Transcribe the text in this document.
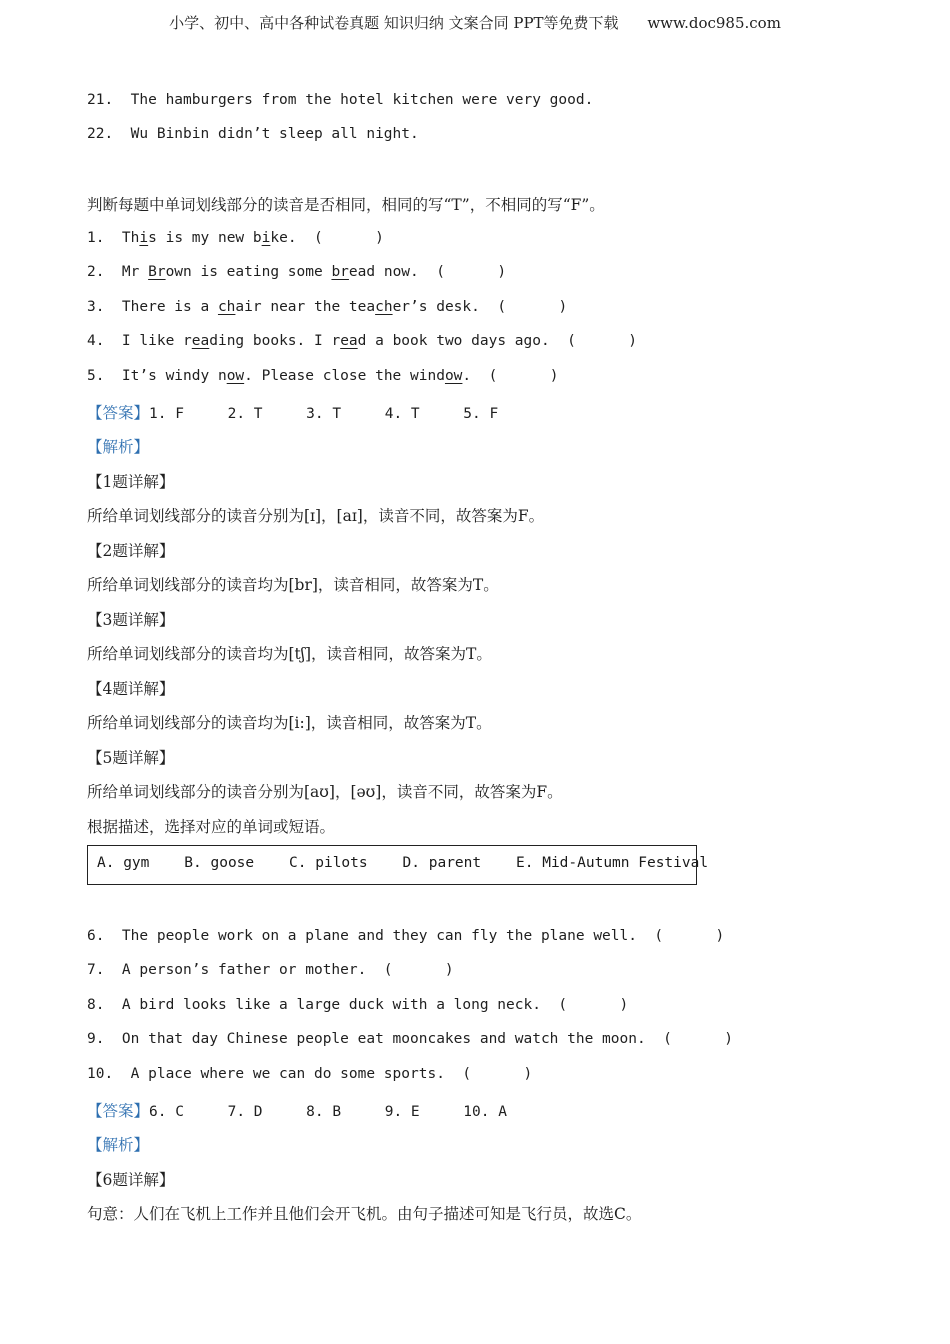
小学、初中、高中各种试卷真题 知识归纳 文案合同 PPT等免费下载 www.doc985.com
21.  The hamburgers from the hotel kitchen were very good.
22.  Wu Binbin didn’t sleep all night.
判断每题中单词划线部分的读音是否相同，相同的写“T”，不相同的写“F”。
1.  This is my new bike.  (      )
2.  Mr Brown is eating some bread now.  (      )
3.  There is a chair near the teacher’s desk.  (      )
4.  I like reading books. I read a book two days ago.  (      )
5.  It’s windy now. Please close the window.  (      )
【答案】1. F     2. T     3. T     4. T     5. F
【解析】
【1题详解】
所给单词划线部分的读音分别为[ɪ]，[aɪ]，读音不同，故答案为F。
【2题详解】
所给单词划线部分的读音均为[br]，读音相同，故答案为T。
【3题详解】
所给单词划线部分的读音均为[tʃ]，读音相同，故答案为T。
【4题详解】
所给单词划线部分的读音均为[i:]，读音相同，故答案为T。
【5题详解】
所给单词划线部分的读音分别为[aʊ]，[əʊ]，读音不同，故答案为F。
根据描述，选择对应的单词或短语。
A. gym    B. goose    C. pilots    D. parent    E. Mid-Autumn Festival
6.  The people work on a plane and they can fly the plane well.  (      )
7.  A person’s father or mother.  (      )
8.  A bird looks like a large duck with a long neck.  (      )
9.  On that day Chinese people eat mooncakes and watch the moon.  (      )
10.  A place where we can do some sports.  (      )
【答案】6. C     7. D     8. B     9. E     10. A
【解析】
【6题详解】
句意：人们在飞机上工作并且他们会开飞机。由句子描述可知是飞行员，故选C。
